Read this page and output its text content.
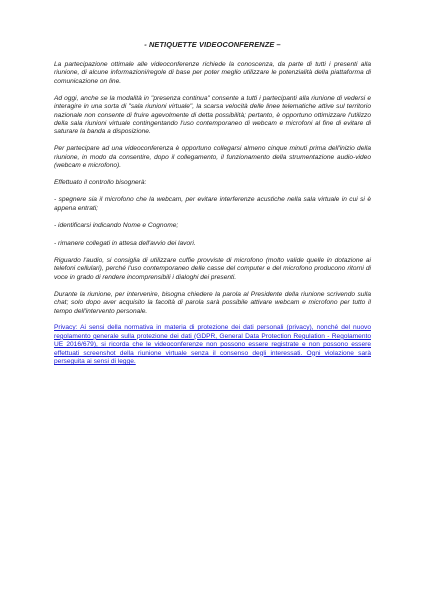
- NETIQUETTE VIDEOCONFERENZE –

La partecipazione ottimale alle videoconferenze richiede la conoscenza, da parte di tutti i presenti alla riunione, di alcune informazioni/regole di base per poter meglio utilizzare le potenzialità della piattaforma di comunicazione on line.

Ad oggi, anche se la modalità in "presenza continua" consente a tutti i partecipanti alla riunione di vedersi e interagire in una sorta di "sala riunioni virtuale", la scarsa velocità delle linee telematiche attive sul territorio nazionale non consente di fruire agevolmente di detta possibilità; pertanto, è opportuno ottimizzare l'utilizzo della sala riunioni virtuale contingentando l'uso contemporaneo di webcam e microfoni al fine di evitare di saturare la banda a disposizione.

Per partecipare ad una videoconferenza è opportuno collegarsi almeno cinque minuti prima dell'inizio della riunione, in modo da consentire, dopo il collegamento, il funzionamento della strumentazione audio-video (webcam e microfono).

Effettuato il controllo bisognerà:

- spegnere sia il microfono che la webcam, per evitare interferenze acustiche nella sala virtuale in cui si è appena entrati;

- identificarsi indicando Nome e Cognome;

- rimanere collegati in attesa dell'avvio dei lavori.

Riguardo l'audio, si consiglia di utilizzare cuffie provviste di microfono (molto valide quelle in dotazione ai telefoni cellulari), perché l'uso contemporaneo delle casse del computer e del microfono producono ritorni di voce in grado di rendere incomprensibili i dialoghi dei presenti.

Durante la riunione, per intervenire, bisogna chiedere la parola al Presidente della riunione scrivendo sulla chat; solo dopo aver acquisito la facoltà di parola sarà possibile attivare webcam e microfono per tutto il tempo dell'intervento personale.

Privacy: Ai sensi della normativa in materia di protezione dei dati personali (privacy), nonché del nuovo regolamento generale sulla protezione dei dati (GDPR, General Data Protection Regulation - Regolamento UE 2016/679), si ricorda che le videoconferenze non possono essere registrate e non possono essere effettuati screenshot della riunione virtuale senza il consenso degli interessati. Ogni violazione sarà perseguita ai sensi di legge.
